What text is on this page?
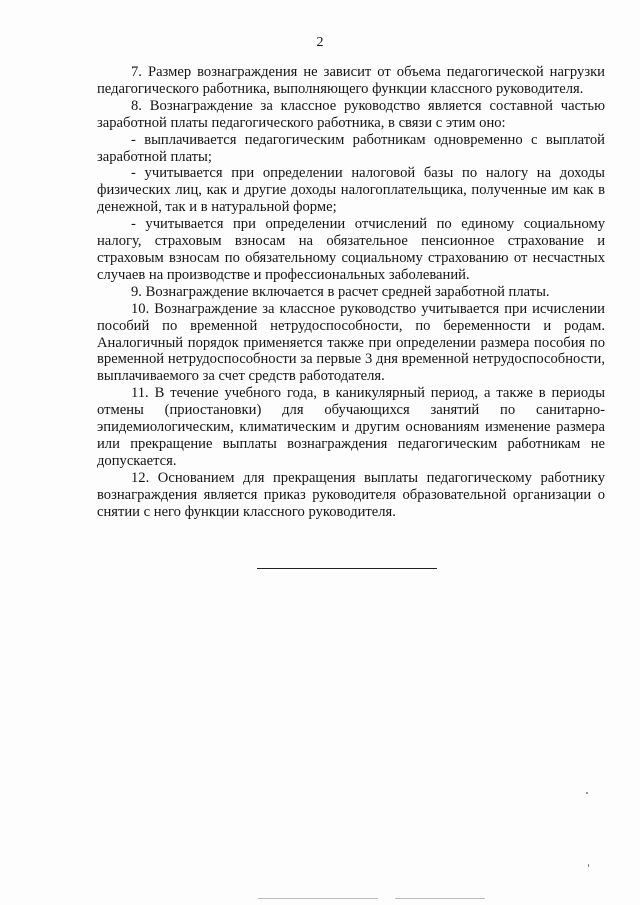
2

7. Размер вознаграждения не зависит от объема педагогической нагрузки педагогического работника, выполняющего функции классного руководителя.

8. Вознаграждение за классное руководство является составной частью заработной платы педагогического работника, в связи с этим оно:

- выплачивается педагогическим работникам одновременно с выплатой заработной платы;

- учитывается при определении налоговой базы по налогу на доходы физических лиц, как и другие доходы налогоплательщика, полученные им как в денежной, так и в натуральной форме;

- учитывается при определении отчислений по единому социальному налогу, страховым взносам на обязательное пенсионное страхование и страховым взносам по обязательному социальному страхованию от несчастных случаев на производстве и профессиональных заболеваний.

9. Вознаграждение включается в расчет средней заработной платы.

10. Вознаграждение за классное руководство учитывается при исчислении пособий по временной нетрудоспособности, по беременности и родам. Аналогичный порядок применяется также при определении размера пособия по временной нетрудоспособности за первые 3 дня временной нетрудоспособности, выплачиваемого за счет средств работодателя.

11. В течение учебного года, в каникулярный период, а также в периоды отмены (приостановки) для обучающихся занятий по санитарно-эпидемиологическим, климатическим и другим основаниям изменение размера или прекращение выплаты вознаграждения педагогическим работникам не допускается.

12. Основанием для прекращения выплаты педагогическому работнику вознаграждения является приказ руководителя образовательной организации о снятии с него функции классного руководителя.
